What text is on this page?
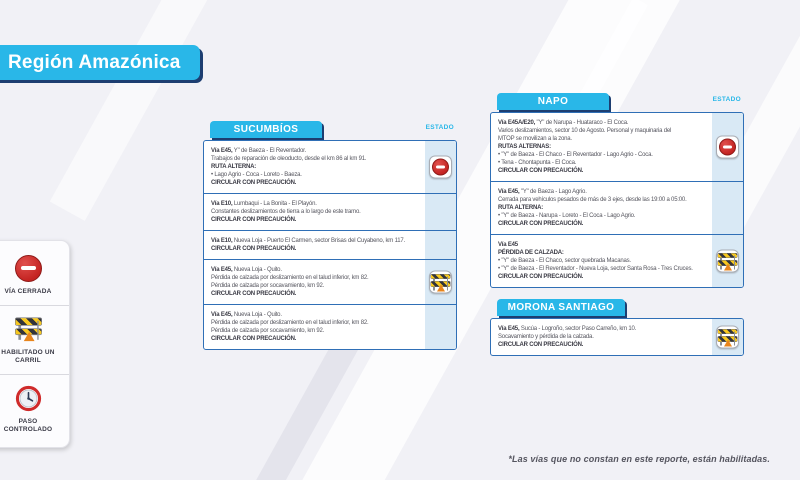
Región Amazónica
VÍA CERRADA
HABILITADO UN CARRIL
PASO CONTROLADO
SUCUMBÍOS	ESTADO
Vía E45, Y" de Baeza - El Reventador.
Trabajos de reparación de oleoducto, desde el km 86 al km 91.
RUTA ALTERNA:
• Lago Agrio - Coca - Loreto - Baeza.
CIRCULAR CON PRECAUCIÓN.
Vía E10, Lumbaqui - La Bonita - El Playón.
Constantes deslizamientos de tierra a lo largo de este tramo.
CIRCULAR CON PRECAUCIÓN.
Vía E10, Nueva Loja - Puerto El Carmen, sector Brisas del Cuyabeno, km 117.
CIRCULAR CON PRECAUCIÓN.
Vía E45, Nueva Loja - Quito.
Pérdida de calzada por deslizamiento en el talud inferior, km 82.
Pérdida de calzada por socavamiento, km 92.
CIRCULAR CON PRECAUCIÓN.
Vía E45, Nueva Loja - Quito.
Pérdida de calzada por deslizamiento en el talud inferior, km 82.
Pérdida de calzada por socavamiento, km 92.
CIRCULAR CON PRECAUCIÓN.
NAPO	ESTADO
Vía E45A/E20, "Y" de Narupa - Huataraco - El Coca.
Varios deslizamientos, sector 10 de Agosto. Personal y maquinaria del
MTOP se movilizan a la zona.
RUTAS ALTERNAS:
• "Y" de Baeza - El Chaco - El Reventador - Lago Agrio - Coca.
• Tena - Chontapunta - El Coca.
CIRCULAR CON PRECAUCIÓN.
Vía E45, "Y" de Baeza - Lago Agrio.
Cerrada para vehículos pesados de más de 3 ejes, desde las 19:00 a 05:00.
RUTA ALTERNA:
• "Y" de Baeza - Narupa - Loreto - El Coca - Lago Agrio.
CIRCULAR CON PRECAUCIÓN.
Vía E45
PÉRDIDA DE CALZADA:
• "Y" de Baeza - El Chaco, sector quebrada Macanas.
• "Y" de Baeza - El Reventador - Nueva Loja, sector Santa Rosa - Tres Cruces.
CIRCULAR CON PRECAUCIÓN.
MORONA SANTIAGO
Vía E45, Sucúa - Logroño, sector Paso Carreño, km 10.
Socavamiento y pérdida de la calzada.
CIRCULAR CON PRECAUCIÓN.
*Las vías que no constan en este reporte, están habilitadas.
